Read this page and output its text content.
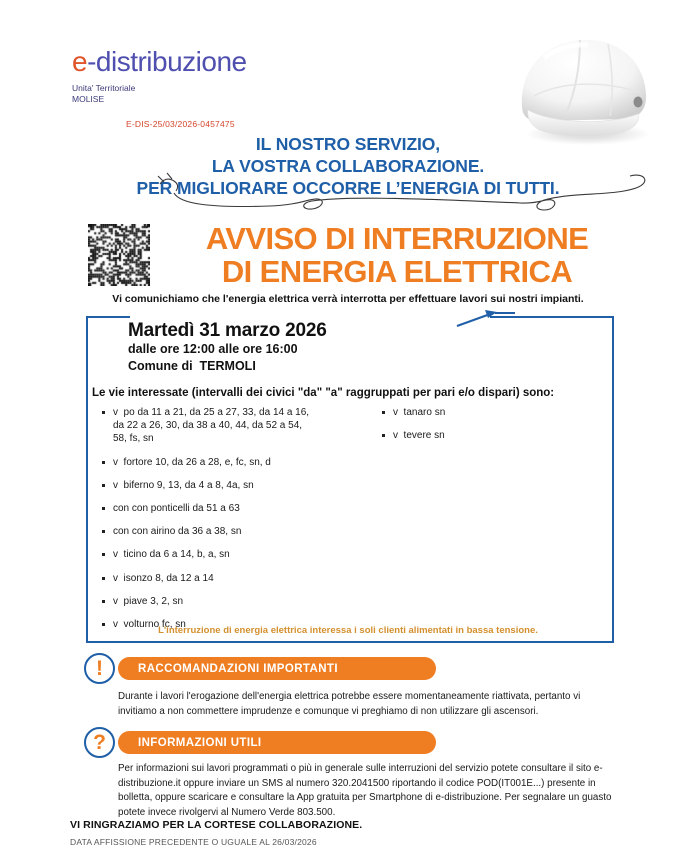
e-distribuzione
Unita' Territoriale
MOLISE
E-DIS-25/03/2026-0457475
IL NOSTRO SERVIZIO,
LA VOSTRA COLLABORAZIONE.
PER MIGLIORARE OCCORRE L’ENERGIA DI TUTTI.
AVVISO DI INTERRUZIONE
DI ENERGIA ELETTRICA
Vi comunichiamo che l'energia elettrica verrà interrotta per effettuare lavori sui nostri impianti.
Martedì 31 marzo 2026
dalle ore 12:00 alle ore 16:00
Comune di TERMOLI
Le vie interessate (intervalli dei civici "da" "a" raggruppati per pari e/o dispari) sono:
v  po da 11 a 21, da 25 a 27, 33, da 14 a 16,
da 22 a 26, 30, da 38 a 40, 44, da 52 a 54,
58, fs, sn
v  fortore 10, da 26 a 28, e, fc, sn, d
v  biferno 9, 13, da 4 a 8, 4a, sn
con con ponticelli da 51 a 63
con con airino da 36 a 38, sn
v  ticino da 6 a 14, b, a, sn
v  isonzo 8, da 12 a 14
v  piave 3, 2, sn
v  volturno fc, sn
v  tanaro sn
v  tevere sn
L'interruzione di energia elettrica interessa i soli clienti alimentati in bassa tensione.
!	RACCOMANDAZIONI IMPORTANTI
Durante i lavori l'erogazione dell'energia elettrica potrebbe essere momentaneamente riattivata, pertanto vi invitiamo a non commettere imprudenze e comunque vi preghiamo di non utilizzare gli ascensori.
?	INFORMAZIONI UTILI
Per informazioni sui lavori programmati o più in generale sulle interruzioni del servizio potete consultare il sito e-distribuzione.it oppure inviare un SMS al numero 320.2041500 riportando il codice POD(IT001E...) presente in bolletta, oppure scaricare e consultare la App gratuita per Smartphone di e-distribuzione. Per segnalare un guasto potete invece rivolgervi al Numero Verde 803.500.
VI RINGRAZIAMO PER LA CORTESE COLLABORAZIONE.
DATA AFFISSIONE PRECEDENTE O UGUALE AL 26/03/2026
